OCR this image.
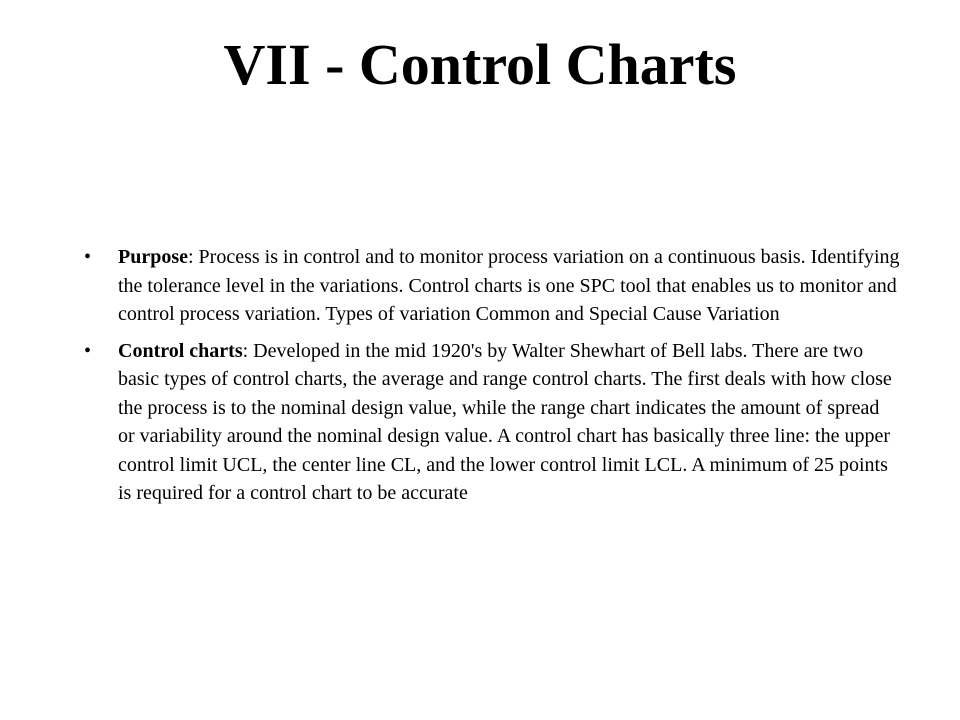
VII - Control Charts
• Purpose: Process is in control and to monitor process variation on a continuous basis. Identifying the tolerance level in the variations. Control charts is one SPC tool that enables us to monitor and control process variation. Types of variation Common and Special Cause Variation
• Control charts: Developed in the mid 1920's by Walter Shewhart of Bell labs. There are two basic types of control charts, the average and range control charts. The first deals with how close the process is to the nominal design value, while the range chart indicates the amount of spread or variability around the nominal design value. A control chart has basically three line: the upper control limit UCL, the center line CL, and the lower control limit LCL. A minimum of 25 points is required for a control chart to be accurate
